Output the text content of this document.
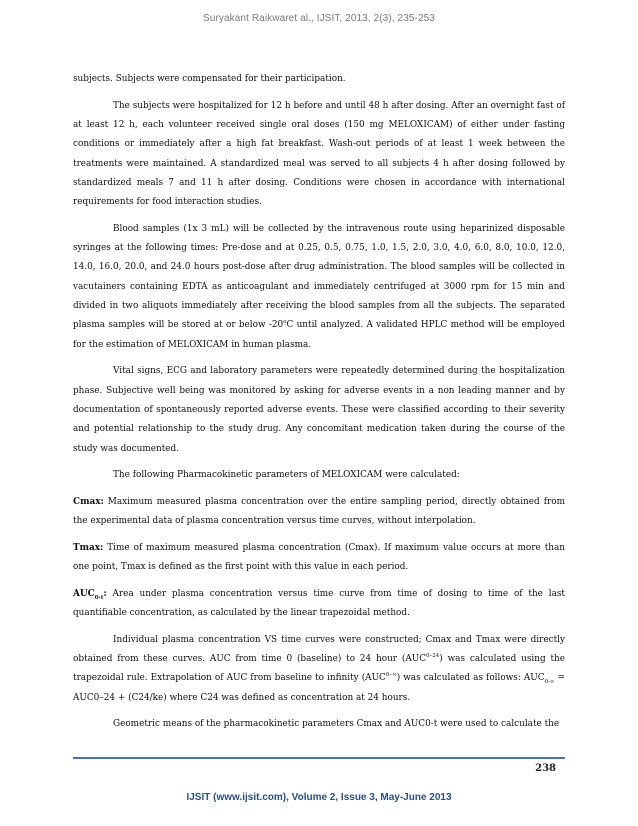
Suryakant Raikwaret al., IJSIT, 2013, 2(3), 235-253

subjects. Subjects were compensated for their participation.

The subjects were hospitalized for 12 h before and until 48 h after dosing. After an overnight fast of at least 12 h, each volunteer received single oral doses (150 mg MELOXICAM) of either under fasting conditions or immediately after a high fat breakfast. Wash-out periods of at least 1 week between the treatments were maintained. A standardized meal was served to all subjects 4 h after dosing followed by standardized meals 7 and 11 h after dosing. Conditions were chosen in accordance with international requirements for food interaction studies.

Blood samples (1x 3 mL) will be collected by the intravenous route using heparinized disposable syringes at the following times: Pre-dose and at 0.25, 0.5, 0.75, 1.0, 1.5, 2.0, 3.0, 4.0, 6.0, 8.0, 10.0, 12.0, 14.0, 16.0, 20.0, and 24.0 hours post-dose after drug administration. The blood samples will be collected in vacutainers containing EDTA as anticoagulant and immediately centrifuged at 3000 rpm for 15 min and divided in two aliquots immediately after receiving the blood samples from all the subjects. The separated plasma samples will be stored at or below -20$^o$C until analyzed. A validated HPLC method will be employed for the estimation of MELOXICAM in human plasma.

Vital signs, ECG and laboratory parameters were repeatedly determined during the hospitalization phase. Subjective well being was monitored by asking for adverse events in a non leading manner and by documentation of spontaneously reported adverse events. These were classified according to their severity and potential relationship to the study drug. Any concomitant medication taken during the course of the study was documented.

The following Pharmacokinetic parameters of MELOXICAM were calculated:

Cmax: Maximum measured plasma concentration over the entire sampling period, directly obtained from the experimental data of plasma concentration versus time curves, without interpolation.

Tmax: Time of maximum measured plasma concentration (Cmax). If maximum value occurs at more than one point, Tmax is defined as the first point with this value in each period.

$AUC_{0-t}$: Area under plasma concentration versus time curve from time of dosing to time of the last quantifiable concentration, as calculated by the linear trapezoidal method.

Individual plasma concentration VS time curves were constructed; Cmax and Tmax were directly obtained from these curves. AUC from time 0 (baseline) to 24 hour (AUC$^{0-24}$) was calculated using the trapezoidal rule. Extrapolation of AUC from baseline to infinity $(AUC^{0-\infty})$ was calculated as follows: $AUC_{0-\infty} = AUC0-24 + (C24/ke)$ where C24 was defined as concentration at 24 hours.

Geometric means of the pharmacokinetic parameters Cmax and AUC0-t were used to calculate the

238
IJSIT (www.ijsit.com), Volume 2, Issue 3, May-June 2013
